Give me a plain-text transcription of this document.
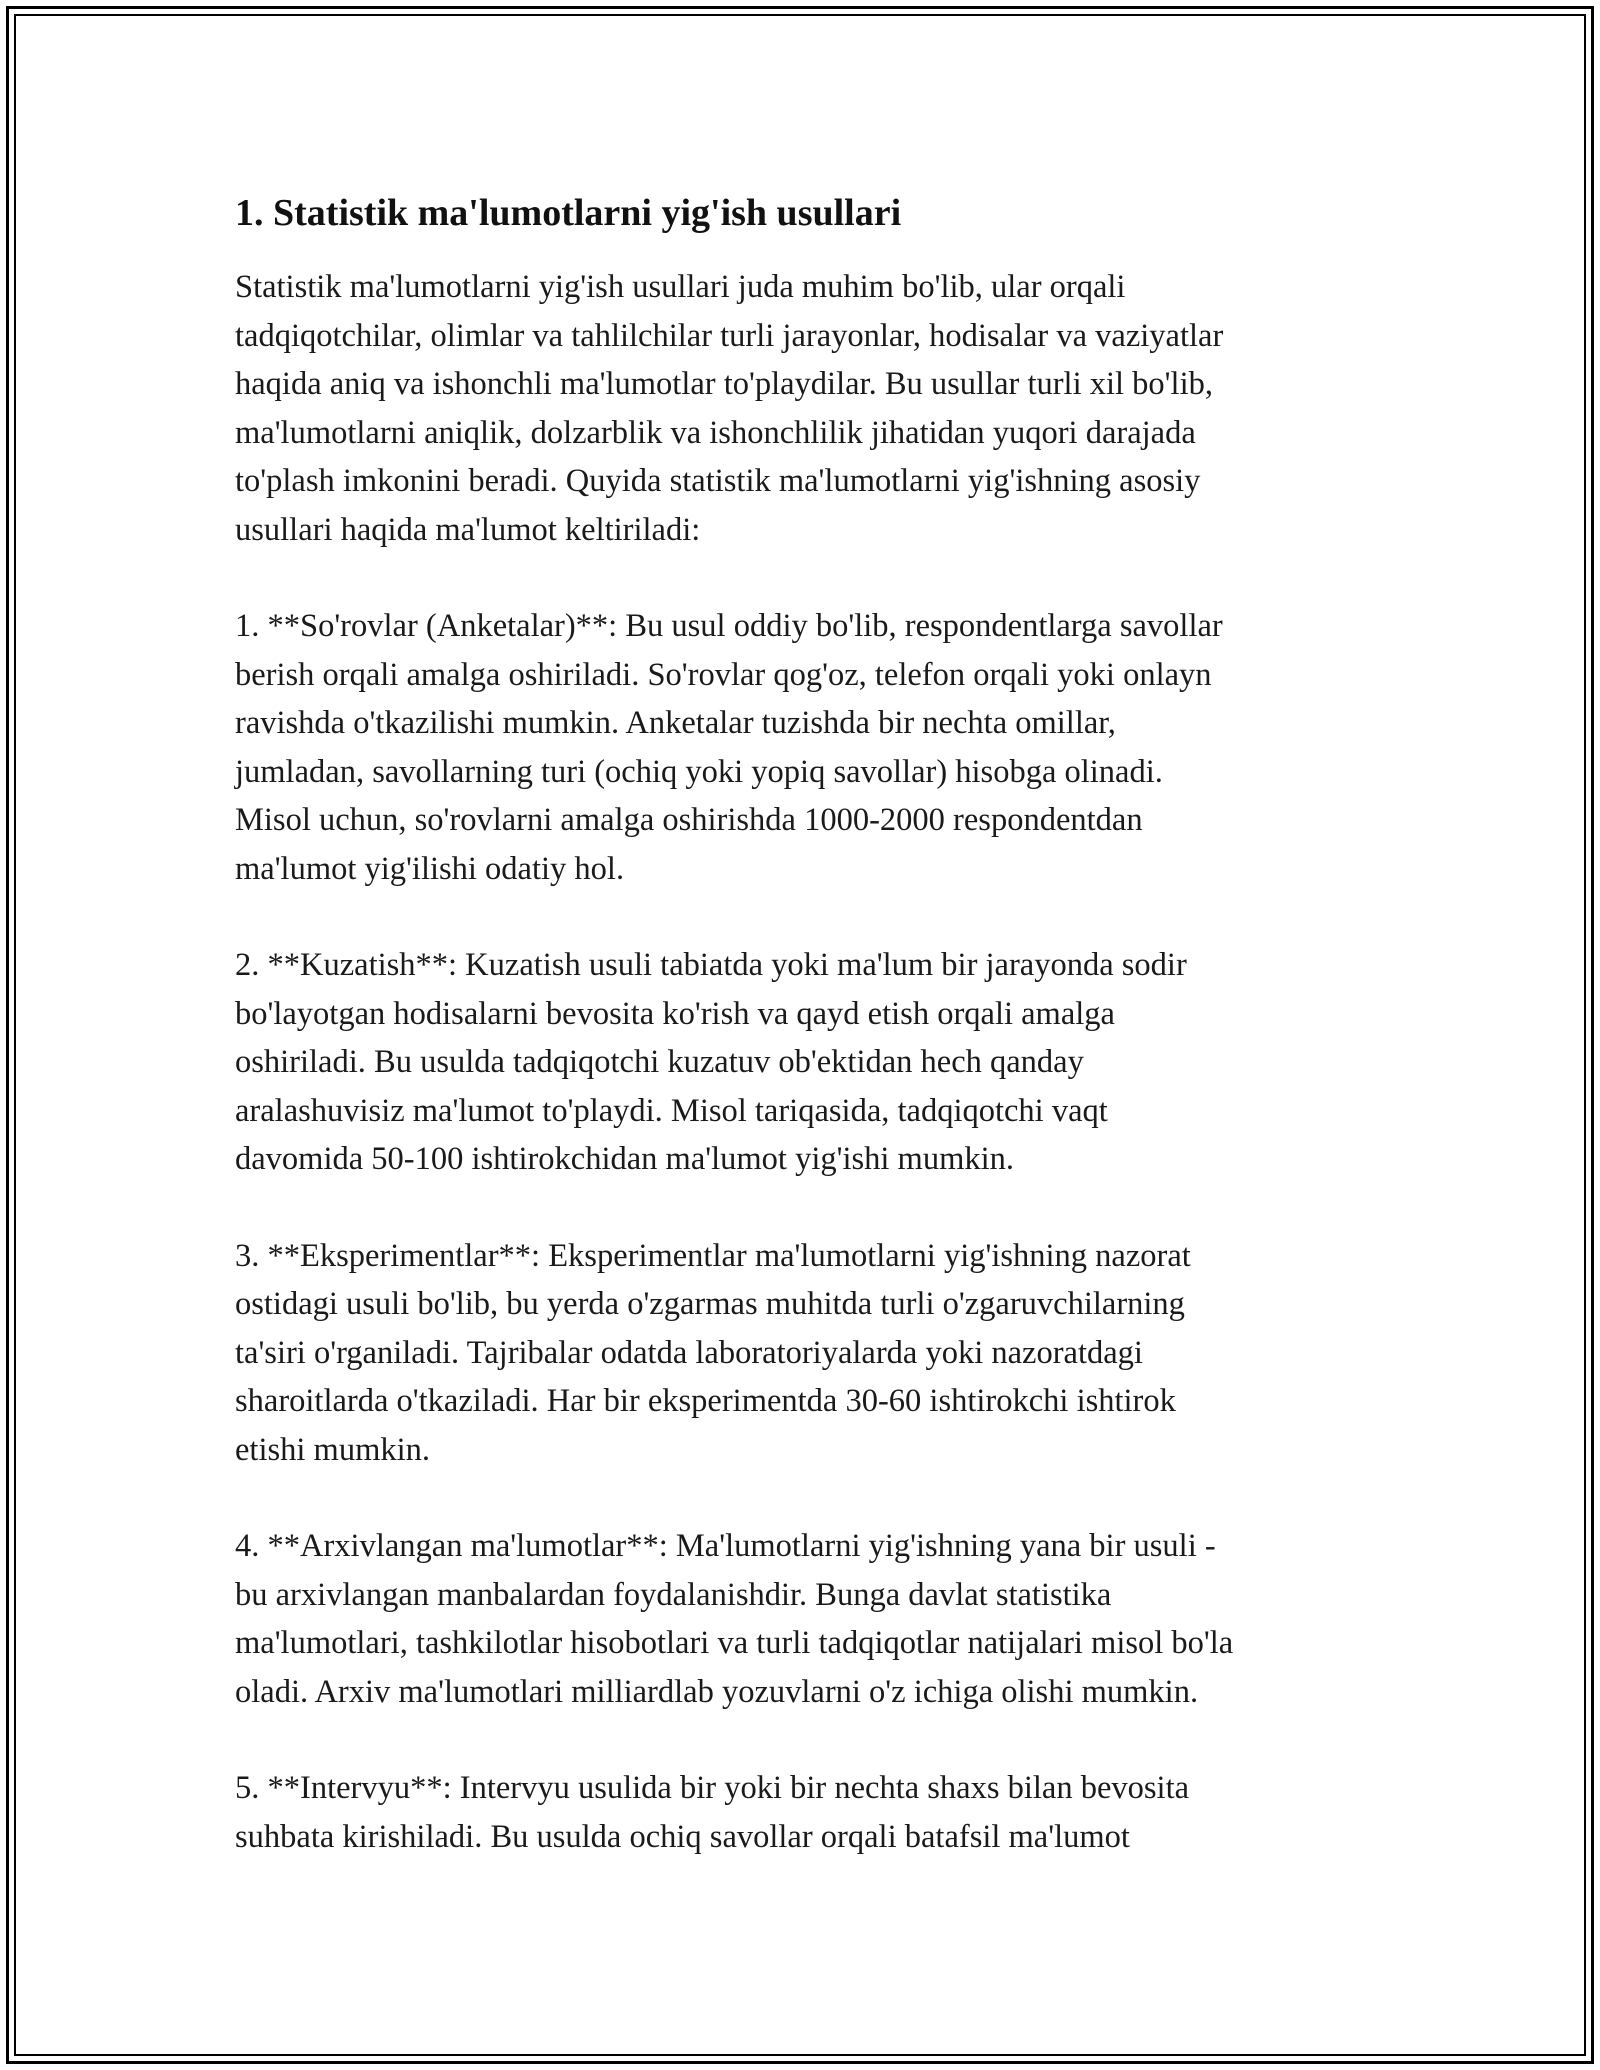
1. Statistik ma'lumotlarni yig'ish usullari

Statistik ma'lumotlarni yig'ish usullari juda muhim bo'lib, ular orqali
tadqiqotchilar, olimlar va tahlilchilar turli jarayonlar, hodisalar va vaziyatlar
haqida aniq va ishonchli ma'lumotlar to'playdilar. Bu usullar turli xil bo'lib,
ma'lumotlarni aniqlik, dolzarblik va ishonchlilik jihatidan yuqori darajada
to'plash imkonini beradi. Quyida statistik ma'lumotlarni yig'ishning asosiy
usullari haqida ma'lumot keltiriladi:

1. **So'rovlar (Anketalar)**: Bu usul oddiy bo'lib, respondentlarga savollar
berish orqali amalga oshiriladi. So'rovlar qog'oz, telefon orqali yoki onlayn
ravishda o'tkazilishi mumkin. Anketalar tuzishda bir nechta omillar,
jumladan, savollarning turi (ochiq yoki yopiq savollar) hisobga olinadi.
Misol uchun, so'rovlarni amalga oshirishda 1000-2000 respondentdan
ma'lumot yig'ilishi odatiy hol.

2. **Kuzatish**: Kuzatish usuli tabiatda yoki ma'lum bir jarayonda sodir
bo'layotgan hodisalarni bevosita ko'rish va qayd etish orqali amalga
oshiriladi. Bu usulda tadqiqotchi kuzatuv ob'ektidan hech qanday
aralashuvisiz ma'lumot to'playdi. Misol tariqasida, tadqiqotchi vaqt
davomida 50-100 ishtirokchidan ma'lumot yig'ishi mumkin.

3. **Eksperimentlar**: Eksperimentlar ma'lumotlarni yig'ishning nazorat
ostidagi usuli bo'lib, bu yerda o'zgarmas muhitda turli o'zgaruvchilarning
ta'siri o'rganiladi. Tajribalar odatda laboratoriyalarda yoki nazoratdagi
sharoitlarda o'tkaziladi. Har bir eksperimentda 30-60 ishtirokchi ishtirok
etishi mumkin.

4. **Arxivlangan ma'lumotlar**: Ma'lumotlarni yig'ishning yana bir usuli -
bu arxivlangan manbalardan foydalanishdir. Bunga davlat statistika
ma'lumotlari, tashkilotlar hisobotlari va turli tadqiqotlar natijalari misol bo'la
oladi. Arxiv ma'lumotlari milliardlab yozuvlarni o'z ichiga olishi mumkin.

5. **Intervyu**: Intervyu usulida bir yoki bir nechta shaxs bilan bevosita
suhbata kirishiladi. Bu usulda ochiq savollar orqali batafsil ma'lumot
